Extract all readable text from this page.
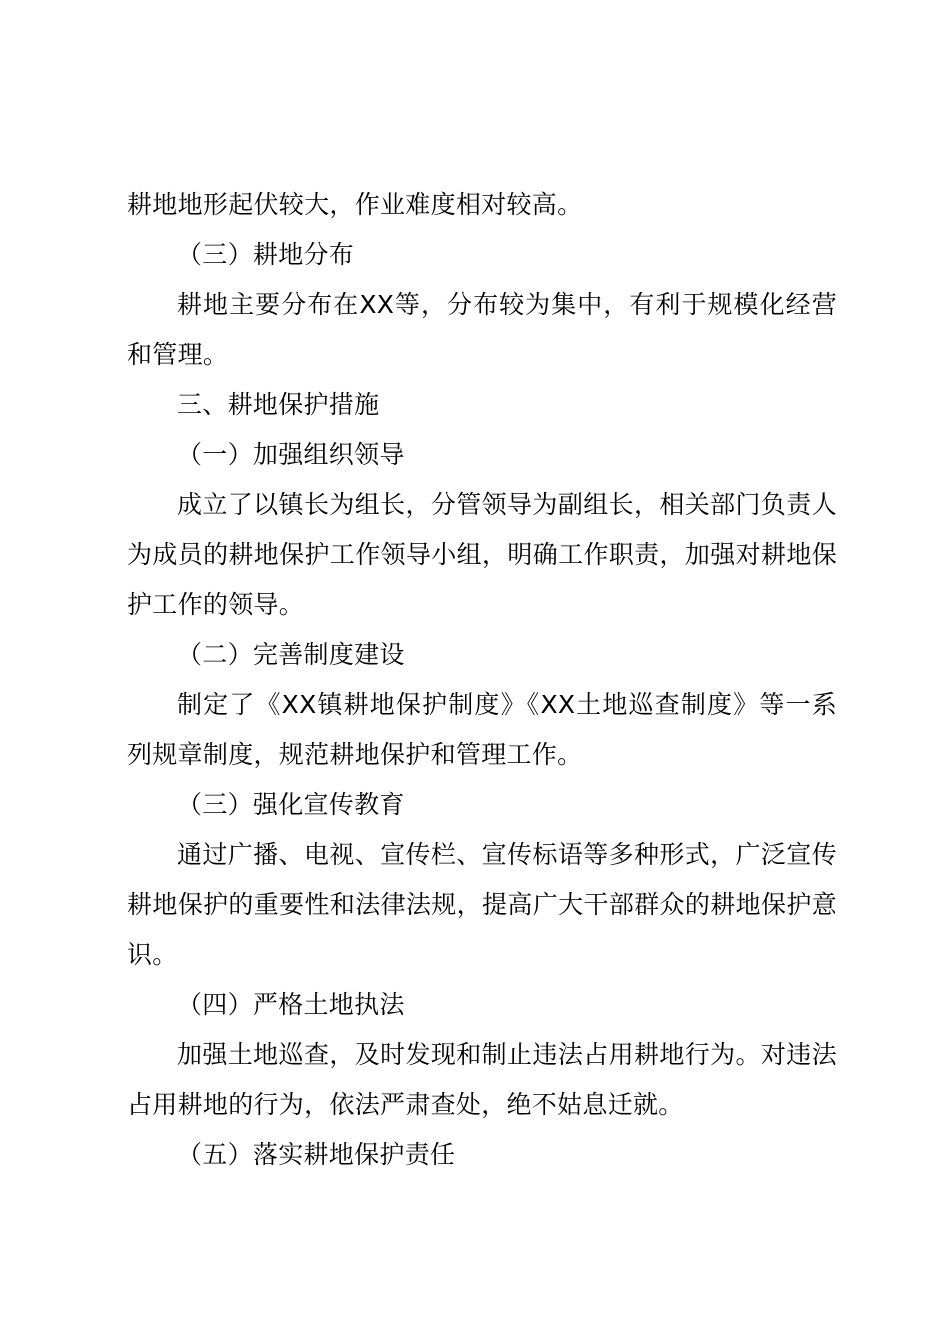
耕地地形起伏较大，作业难度相对较高。

（三）耕地分布

耕地主要分布在XX等，分布较为集中，有利于规模化经营和管理。

三、耕地保护措施

（一）加强组织领导

成立了以镇长为组长，分管领导为副组长，相关部门负责人为成员的耕地保护工作领导小组，明确工作职责，加强对耕地保护工作的领导。

（二）完善制度建设

制定了《XX镇耕地保护制度》《XX土地巡查制度》等一系列规章制度，规范耕地保护和管理工作。

（三）强化宣传教育

通过广播、电视、宣传栏、宣传标语等多种形式，广泛宣传耕地保护的重要性和法律法规，提高广大干部群众的耕地保护意识。

（四）严格土地执法

加强土地巡查，及时发现和制止违法占用耕地行为。对违法占用耕地的行为，依法严肃查处，绝不姑息迁就。

（五）落实耕地保护责任
